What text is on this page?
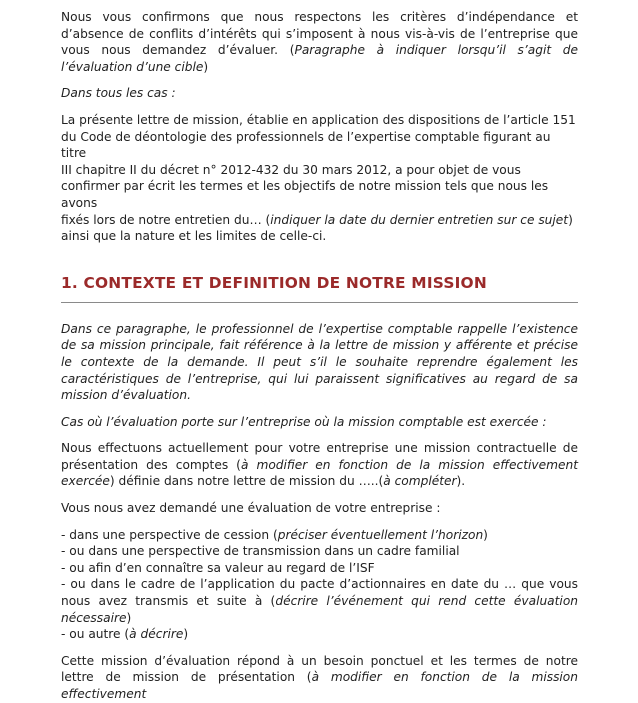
Nous vous confirmons que nous respectons les critères d’indépendance et d’absence de conflits d’intérêts qui s’imposent à nous vis-à-vis de l’entreprise que vous nous demandez d’évaluer. (Paragraphe à indiquer lorsqu’il s’agit de l’évaluation d’une cible)

Dans tous les cas :

La présente lettre de mission, établie en application des dispositions de l’article 151

du Code de déontologie des professionnels de l’expertise comptable figurant au titre

III chapitre II du décret n° 2012-432 du 30 mars 2012, a pour objet de vous

confirmer par écrit les termes et les objectifs de notre mission tels que nous les avons

fixés lors de notre entretien du… (indiquer la date du dernier entretien sur ce sujet)

ainsi que la nature et les limites de celle-ci.

1. CONTEXTE ET DEFINITION DE NOTRE MISSION

Dans ce paragraphe, le professionnel de l’expertise comptable rappelle l’existence de sa mission principale, fait référence à la lettre de mission y afférente et précise le contexte de la demande. Il peut s’il le souhaite reprendre également les caractéristiques de l’entreprise, qui lui paraissent significatives au regard de sa mission d’évaluation.

Cas où l’évaluation porte sur l’entreprise où la mission comptable est exercée :

Nous effectuons actuellement pour votre entreprise une mission contractuelle de présentation des comptes (à modifier en fonction de la mission effectivement exercée) définie dans notre lettre de mission du …..(à compléter).

Vous nous avez demandé une évaluation de votre entreprise :

- dans une perspective de cession (préciser éventuellement l’horizon)

- ou dans une perspective de transmission dans un cadre familial

- ou afin d’en connaître sa valeur au regard de l’ISF

- ou dans le cadre de l’application du pacte d’actionnaires en date du … que vous nous avez transmis et suite à (décrire l’événement qui rend cette évaluation nécessaire)

- ou autre (à décrire)

Cette mission d’évaluation répond à un besoin ponctuel et les termes de notre lettre de mission de présentation (à modifier en fonction de la mission effectivement
